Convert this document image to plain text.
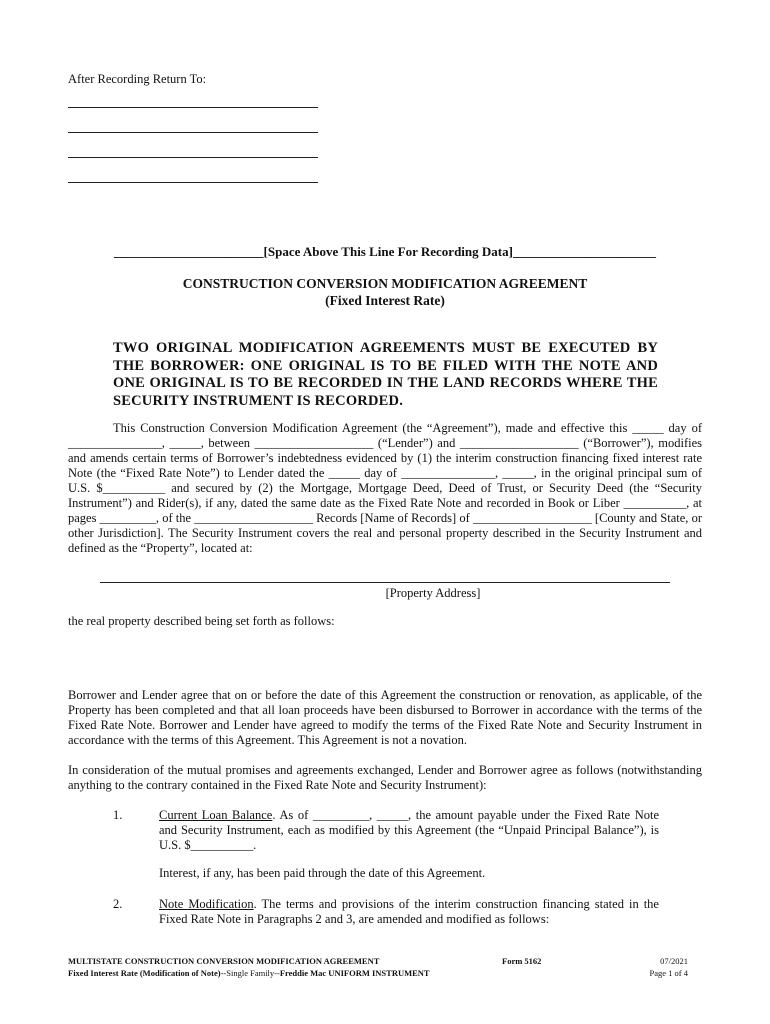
After Recording Return To:
_______________________[Space Above This Line For Recording Data]______________________
CONSTRUCTION CONVERSION MODIFICATION AGREEMENT
(Fixed Interest Rate)
TWO ORIGINAL MODIFICATION AGREEMENTS MUST BE EXECUTED BY THE BORROWER: ONE ORIGINAL IS TO BE FILED WITH THE NOTE AND ONE ORIGINAL IS TO BE RECORDED IN THE LAND RECORDS WHERE THE SECURITY INSTRUMENT IS RECORDED.
This Construction Conversion Modification Agreement (the “Agreement”), made and effective this _____ day of _______________, _____, between ___________________ (“Lender”) and ___________________ (“Borrower”), modifies and amends certain terms of Borrower’s indebtedness evidenced by (1) the interim construction financing fixed interest rate Note (the “Fixed Rate Note”) to Lender dated the _____ day of _______________, _____, in the original principal sum of U.S. $__________ and secured by (2) the Mortgage, Mortgage Deed, Deed of Trust, or Security Deed (the “Security Instrument”) and Rider(s), if any, dated the same date as the Fixed Rate Note and recorded in Book or Liber __________, at pages _________, of the ___________________ Records [Name of Records] of ___________________ [County and State, or other Jurisdiction]. The Security Instrument covers the real and personal property described in the Security Instrument and defined as the “Property”, located at:
[Property Address]
the real property described being set forth as follows:
Borrower and Lender agree that on or before the date of this Agreement the construction or renovation, as applicable, of the Property has been completed and that all loan proceeds have been disbursed to Borrower in accordance with the terms of the Fixed Rate Note. Borrower and Lender have agreed to modify the terms of the Fixed Rate Note and Security Instrument in accordance with the terms of this Agreement. This Agreement is not a novation.
In consideration of the mutual promises and agreements exchanged, Lender and Borrower agree as follows (notwithstanding anything to the contrary contained in the Fixed Rate Note and Security Instrument):
1.	Current Loan Balance. As of _________, _____, the amount payable under the Fixed Rate Note and Security Instrument, each as modified by this Agreement (the “Unpaid Principal Balance”), is U.S. $__________.
Interest, if any, has been paid through the date of this Agreement.
2.	Note Modification. The terms and provisions of the interim construction financing stated in the Fixed Rate Note in Paragraphs 2 and 3, are amended and modified as follows:
MULTISTATE CONSTRUCTION CONVERSION MODIFICATION AGREEMENT
Fixed Interest Rate (Modification of Note)--Single Family--Freddie Mac UNIFORM INSTRUMENT
Form 5162	07/2021
Page 1 of 4
